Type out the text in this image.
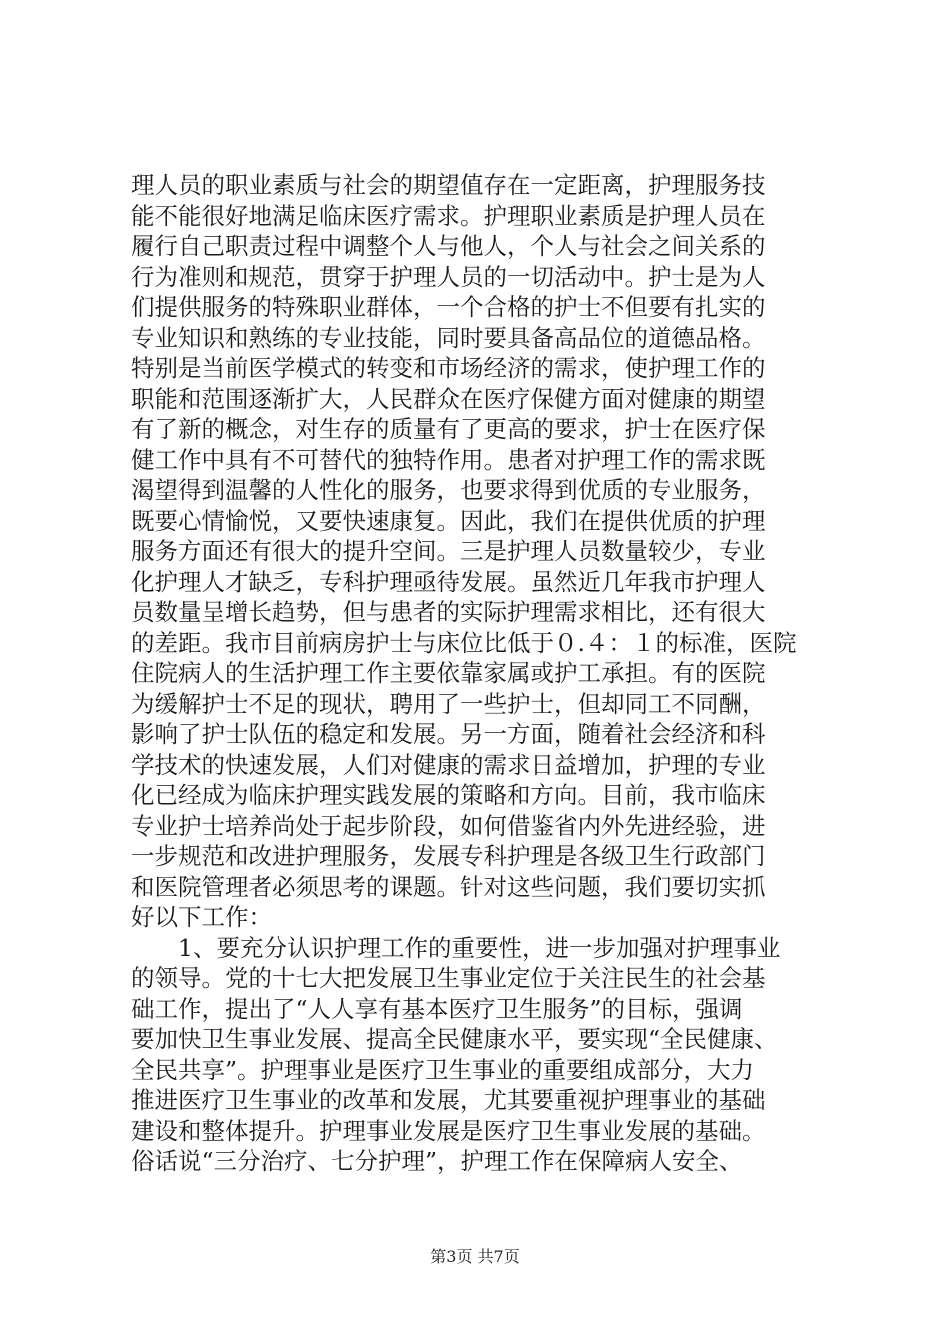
理人员的职业素质与社会的期望值存在一定距离，护理服务技
能不能很好地满足临床医疗需求。护理职业素质是护理人员在
履行自己职责过程中调整个人与他人，个人与社会之间关系的
行为准则和规范，贯穿于护理人员的一切活动中。护士是为人
们提供服务的特殊职业群体，一个合格的护士不但要有扎实的
专业知识和熟练的专业技能，同时要具备高品位的道德品格。
特别是当前医学模式的转变和市场经济的需求，使护理工作的
职能和范围逐渐扩大，人民群众在医疗保健方面对健康的期望
有了新的概念，对生存的质量有了更高的要求，护士在医疗保
健工作中具有不可替代的独特作用。患者对护理工作的需求既
渴望得到温馨的人性化的服务，也要求得到优质的专业服务，
既要心情愉悦，又要快速康复。因此，我们在提供优质的护理
服务方面还有很大的提升空间。三是护理人员数量较少，专业
化护理人才缺乏，专科护理亟待发展。虽然近几年我市护理人
员数量呈增长趋势，但与患者的实际护理需求相比，还有很大
的差距。我市目前病房护士与床位比低于０.４：１的标准，医院
住院病人的生活护理工作主要依靠家属或护工承担。有的医院
为缓解护士不足的现状，聘用了一些护士，但却同工不同酬，
影响了护士队伍的稳定和发展。另一方面，随着社会经济和科
学技术的快速发展，人们对健康的需求日益增加，护理的专业
化已经成为临床护理实践发展的策略和方向。目前，我市临床
专业护士培养尚处于起步阶段，如何借鉴省内外先进经验，进
一步规范和改进护理服务，发展专科护理是各级卫生行政部门
和医院管理者必须思考的课题。针对这些问题，我们要切实抓
好以下工作：
1、要充分认识护理工作的重要性，进一步加强对护理事业
的领导。党的十七大把发展卫生事业定位于关注民生的社会基
础工作，提出了“人人享有基本医疗卫生服务”的目标，强调
要加快卫生事业发展、提高全民健康水平，要实现“全民健康、
全民共享”。护理事业是医疗卫生事业的重要组成部分，大力
推进医疗卫生事业的改革和发展，尤其要重视护理事业的基础
建设和整体提升。护理事业发展是医疗卫生事业发展的基础。
俗话说“三分治疗、七分护理”，护理工作在保障病人安全、
第3页 共7页
